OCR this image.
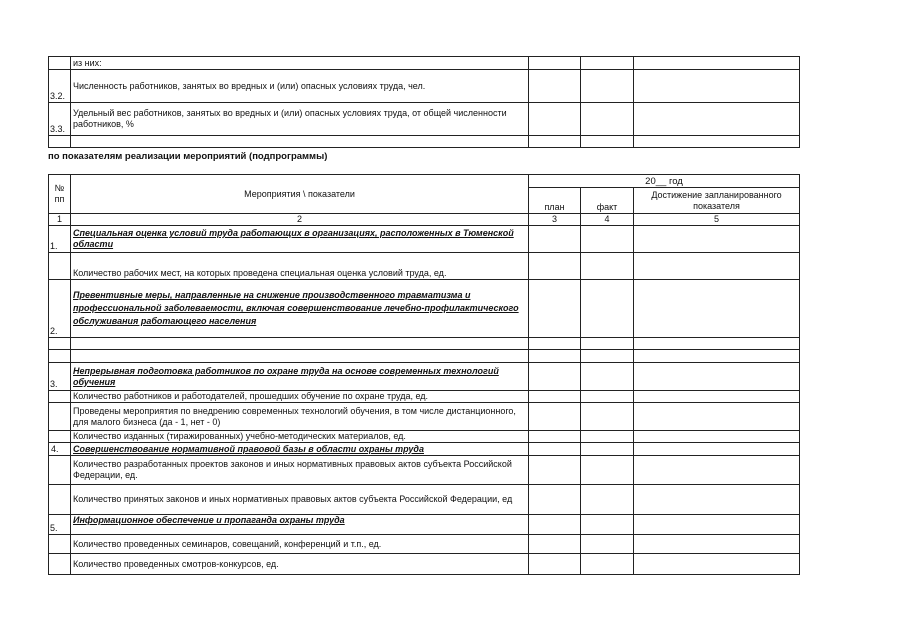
	из них:			
3.2.	Численность работников, занятых во вредных и (или) опасных условиях труда, чел.			
3.3.	Удельный вес работников, занятых во вредных и (или) опасных условиях труда, от общей численности работников, %			

по показателям реализации мероприятий (подпрограммы)
№ пп	Мероприятия \ показатели	20__ год		
		план	факт	Достижение запланированного показателя
1	2	3	4	5
1.	Специальная оценка условий труда работающих в организациях, расположенных в Тюменской области			
	Количество рабочих мест, на которых проведена специальная оценка условий труда, ед.			
2.	Превентивные меры, направленные на снижение производственного травматизма и профессиональной заболеваемости, включая совершенствование лечебно-профилактического обслуживания работающего населения			

3.	Непрерывная подготовка работников по охране труда на основе современных технологий обучения			
	Количество работников и работодателей, прошедших обучение по охране труда, ед.			
	Проведены мероприятия по внедрению современных технологий обучения, в том числе дистанционного, для малого бизнеса (да - 1, нет - 0)			
	Количество изданных (тиражированных) учебно-методических материалов, ед.			
4.	Совершенствование нормативной правовой базы в области охраны труда			
	Количество разработанных проектов законов и иных нормативных правовых актов субъекта Российской Федерации, ед.			
	Количество принятых законов и иных нормативных правовых актов субъекта Российской Федерации, ед			
5.	Информационное обеспечение и пропаганда охраны труда			
	Количество проведенных семинаров, совещаний, конференций и т.п., ед.			
	Количество проведенных смотров-конкурсов, ед.			
